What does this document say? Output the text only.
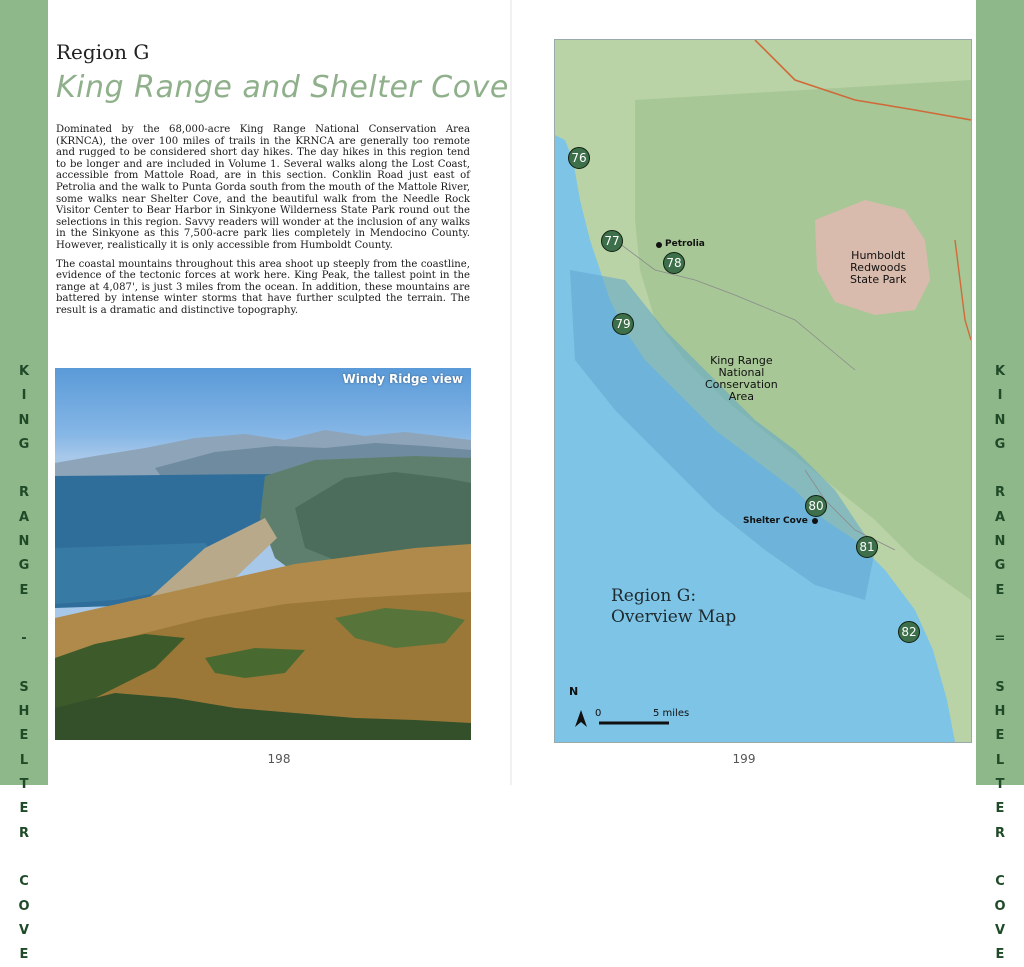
K
I
N
G
R
A
N
G
E
-
S
H
E
L
T
E
R
C
O
V
E
K
I
N
G
R
A
N
G
E
=
S
H
E
L
T
E
R
C
O
V
E
Region G
King Range and Shelter Cove

Dominated by the 68,000-acre King Range National Conservation Area (KRNCA), the over 100 miles of trails in the KRNCA are generally too remote and rugged to be considered short day hikes. The day hikes in this region tend to be longer and are included in Volume 1. Several walks along the Lost Coast, accessible from Mattole Road, are in this section. Conklin Road just east of Petrolia and the walk to Punta Gorda south from the mouth of the Mattole River, some walks near Shelter Cove, and the beautiful walk from the Needle Rock Visitor Center to Bear Harbor in Sinkyone Wilderness State Park round out the selections in this region. Savvy readers will wonder at the inclusion of any walks in the Sinkyone as this 7,500-acre park lies completely in Mendocino County. However, realistically it is only accessible from Humboldt County.

The coastal mountains throughout this area shoot up steeply from the coastline, evidence of the tectonic forces at work here. King Peak, the tallest point in the range at 4,087', is just 3 miles from the ocean. In addition, these mountains are battered by intense winter storms that have further sculpted the terrain. The result is a dramatic and distinctive topography.

Windy Ridge view
198
Humboldt
Redwoods
State Park
King Range
National
Conservation
Area
Petrolia
Shelter Cove
76
77
78
79
80
81
82
Region G:
Overview Map
N
0	5 miles
199
